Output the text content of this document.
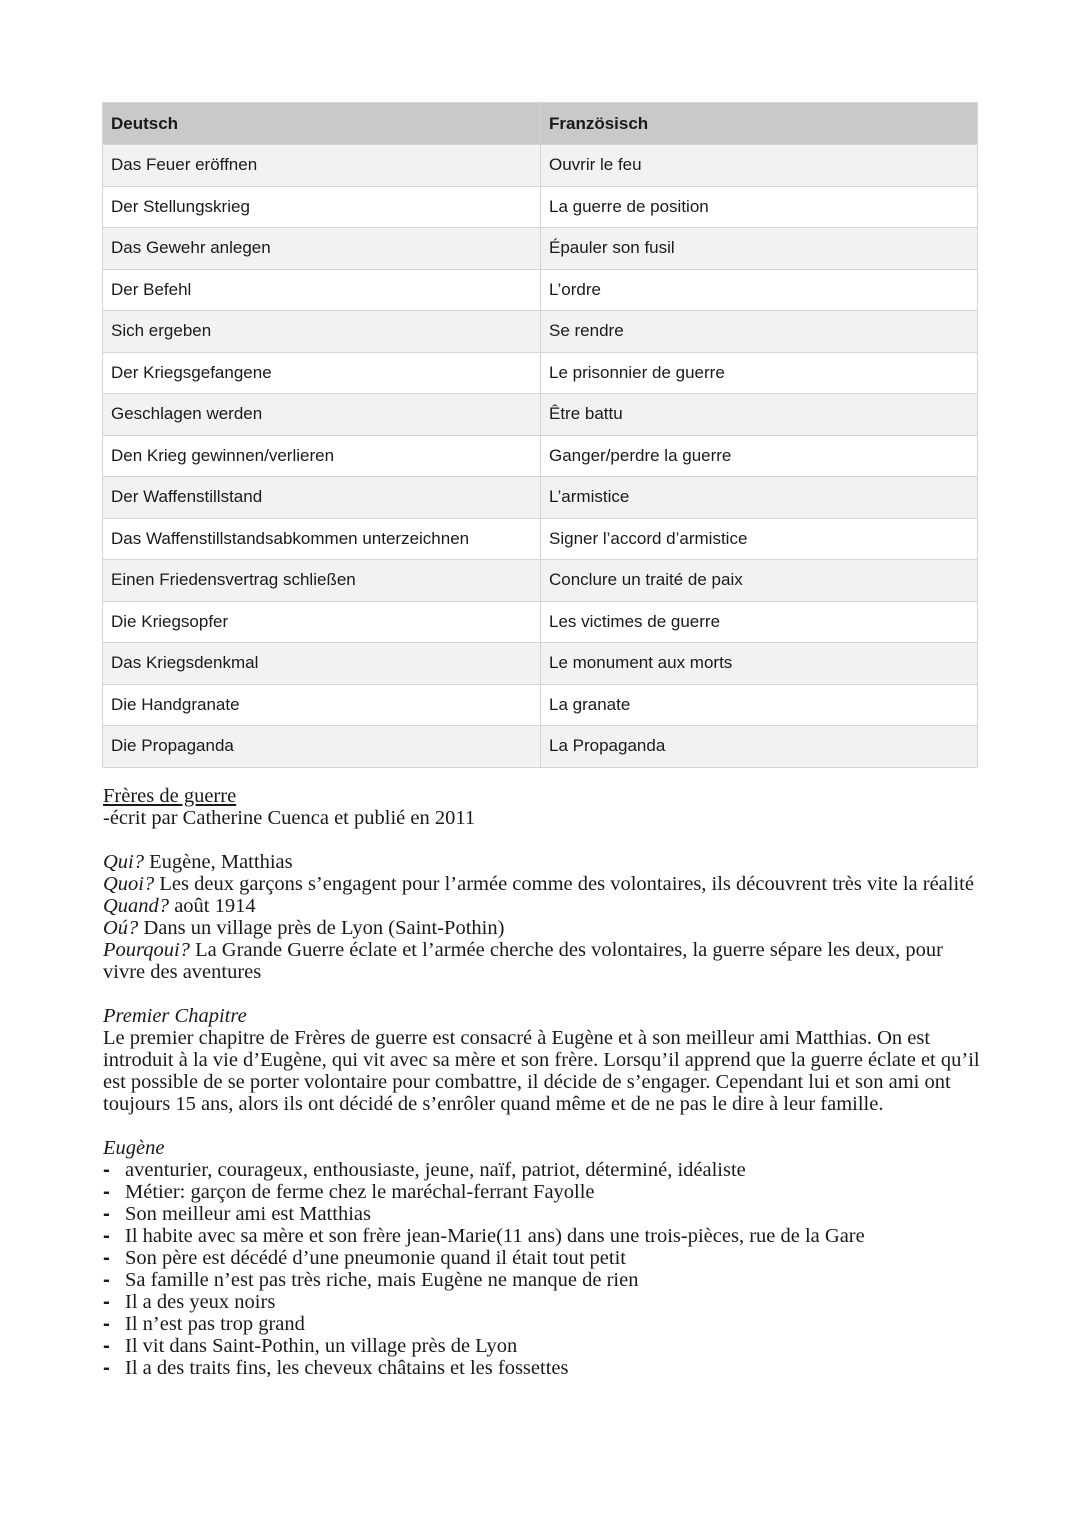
Deutsch	Französisch
Das Feuer eröffnen	Ouvrir le feu
Der Stellungskrieg	La guerre de position
Das Gewehr anlegen	Épauler son fusil
Der Befehl	L’ordre
Sich ergeben	Se rendre
Der Kriegsgefangene	Le prisonnier de guerre
Geschlagen werden	Être battu
Den Krieg gewinnen/verlieren	Ganger/perdre la guerre
Der Waffenstillstand	L’armistice
Das Waffenstillstandsabkommen unterzeichnen	Signer l’accord d’armistice
Einen Friedensvertrag schließen	Conclure un traité de paix
Die Kriegsopfer	Les victimes de guerre
Das Kriegsdenkmal	Le monument aux morts
Die Handgranate	La granate
Die Propaganda	La Propaganda

Frères de guerre

-écrit par Catherine Cuenca et publié en 2011

Qui? Eugène, Matthias

Quoi? Les deux garçons s’engagent pour l’armée comme des volontaires, ils découvrent très vite la réalité

Quand? août 1914

Oú? Dans un village près de Lyon (Saint-Pothin)

Pourqoui? La Grande Guerre éclate et l’armée cherche des volontaires, la guerre sépare les deux, pour vivre des aventures

Premier Chapitre

Le premier chapitre de Frères de guerre est consacré à Eugène et à son meilleur ami Matthias. On est introduit à la vie d’Eugène, qui vit avec sa mère et son frère. Lorsqu’il apprend que la guerre éclate et qu’il est possible de se porter volontaire pour combattre, il décide de s’engager. Cependant lui et son ami ont toujours 15 ans, alors ils ont décidé de s’enrôler quand même et de ne pas le dire à leur famille.

Eugène

- aventurier, courageux, enthousiaste, jeune, naïf, patriot, déterminé, idéaliste
- Métier: garçon de ferme chez le maréchal-ferrant Fayolle
- Son meilleur ami est Matthias
- Il habite avec sa mère et son frère jean-Marie(11 ans) dans une trois-pièces, rue de la Gare
- Son père est décédé d’une pneumonie quand il était tout petit
- Sa famille n’est pas très riche, mais Eugène ne manque de rien
- Il a des yeux noirs
- Il n’est pas trop grand
- Il vit dans Saint-Pothin, un village près de Lyon
- Il a des traits fins, les cheveux châtains et les fossettes
